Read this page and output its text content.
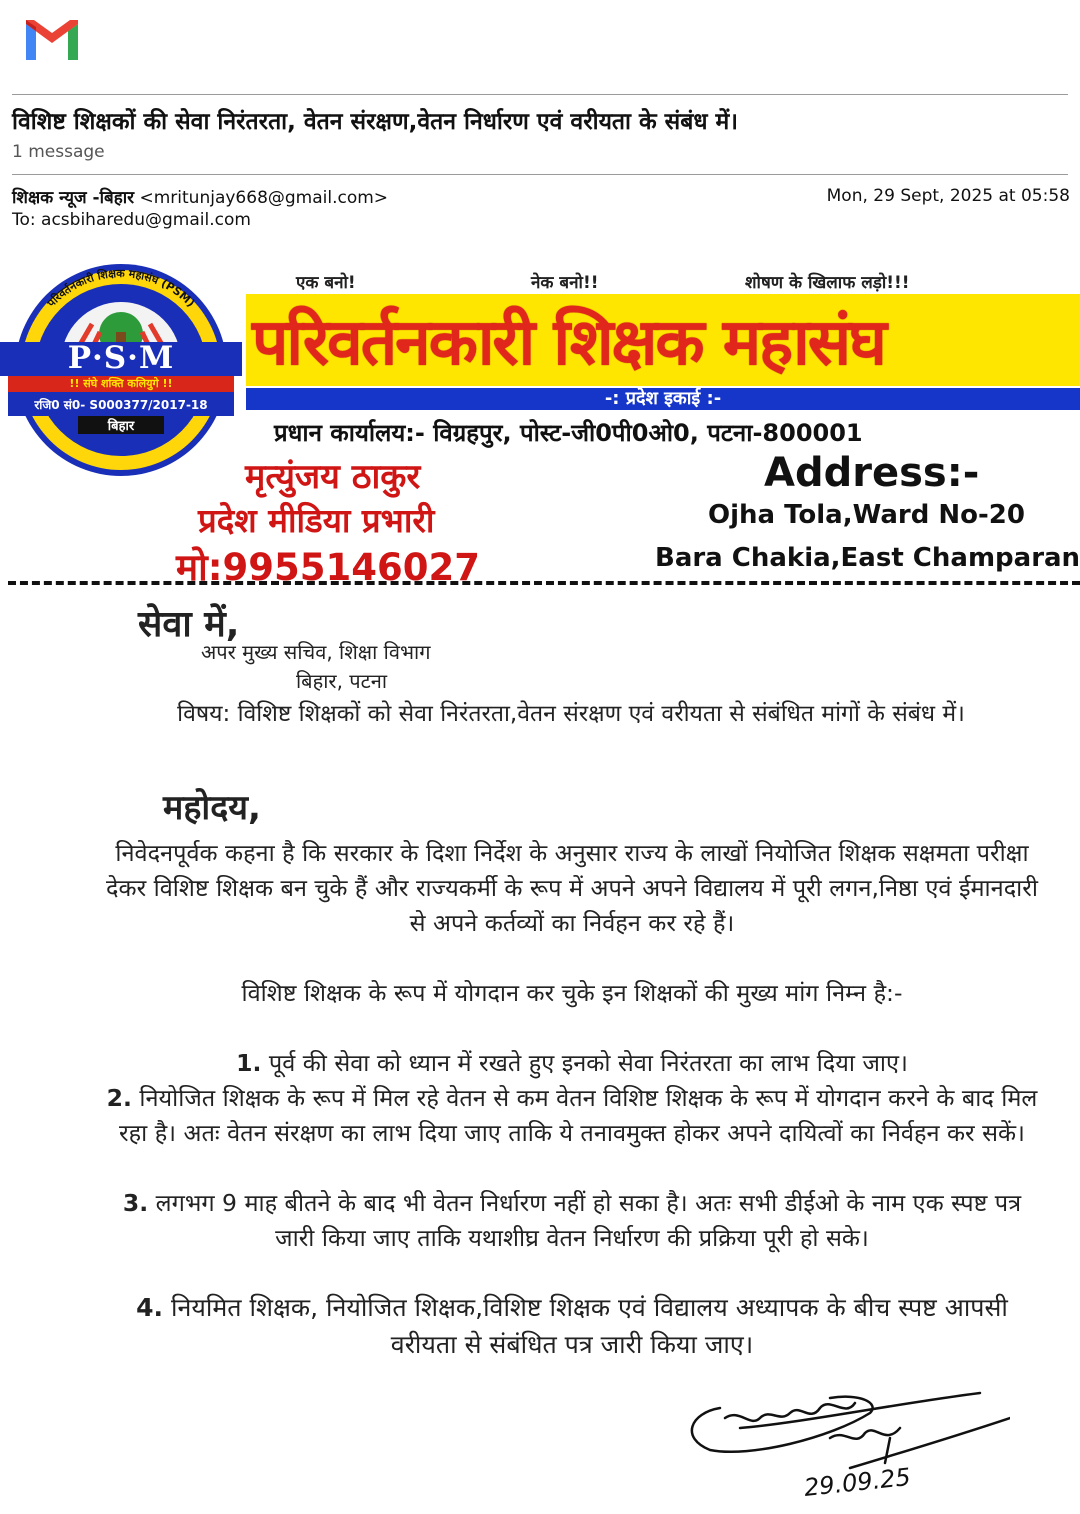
विशिष्ट शिक्षकों की सेवा निरंतरता, वेतन संरक्षण,वेतन निर्धारण एवं वरीयता के संबंध में।
1 message
शिक्षक न्यूज -बिहार <mritunjay668@gmail.com>
To: acsbiharedu@gmail.com
Mon, 29 Sept, 2025 at 05:58
एक बनो!	नेक बनो!!	शोषण के खिलाफ लड़ो!!!
परिवर्तनकारी शिक्षक महासंघ
-: प्रदेश इकाई :-
प्रधान कार्यालय:- विग्रहपुर, पोस्ट-जी0पी0ओ0, पटना-800001
परिवर्तनकारी शिक्षक महासंघ (PSM)
P·S·M
!! संघे शक्ति कलियुगे !!
रजि0 सं0- S000377/2017-18
बिहार
मृत्युंजय ठाकुर
प्रदेश मीडिया प्रभारी
मो:9955146027
Address:-
Ojha Tola,Ward No-20
Bara Chakia,East Champaran
सेवा में,
अपर मुख्य सचिव, शिक्षा विभाग
बिहार, पटना
विषय: विशिष्ट शिक्षकों को सेवा निरंतरता,वेतन संरक्षण एवं वरीयता से संबंधित मांगों के संबंध में।
महोदय,
निवेदनपूर्वक कहना है कि सरकार के दिशा निर्देश के अनुसार राज्य के लाखों नियोजित शिक्षक सक्षमता परीक्षा देकर विशिष्ट शिक्षक बन चुके हैं और राज्यकर्मी के रूप में अपने अपने विद्यालय में पूरी लगन,निष्ठा एवं ईमानदारी से अपने कर्तव्यों का निर्वहन कर रहे हैं।
विशिष्ट शिक्षक के रूप में योगदान कर चुके इन शिक्षकों की मुख्य मांग निम्न है:-
1. पूर्व की सेवा को ध्यान में रखते हुए इनको सेवा निरंतरता का लाभ दिया जाए।
2. नियोजित शिक्षक के रूप में मिल रहे वेतन से कम वेतन विशिष्ट शिक्षक के रूप में योगदान करने के बाद मिल रहा है। अतः वेतन संरक्षण का लाभ दिया जाए ताकि ये तनावमुक्त होकर अपने दायित्वों का निर्वहन कर सकें।
3. लगभग 9 माह बीतने के बाद भी वेतन निर्धारण नहीं हो सका है। अतः सभी डीईओ के नाम एक स्पष्ट पत्र जारी किया जाए ताकि यथाशीघ्र वेतन निर्धारण की प्रक्रिया पूरी हो सके।
4. नियमित शिक्षक, नियोजित शिक्षक,विशिष्ट शिक्षक एवं विद्यालय अध्यापक के बीच स्पष्ट आपसी वरीयता से संबंधित पत्र जारी किया जाए।
29.09.25
